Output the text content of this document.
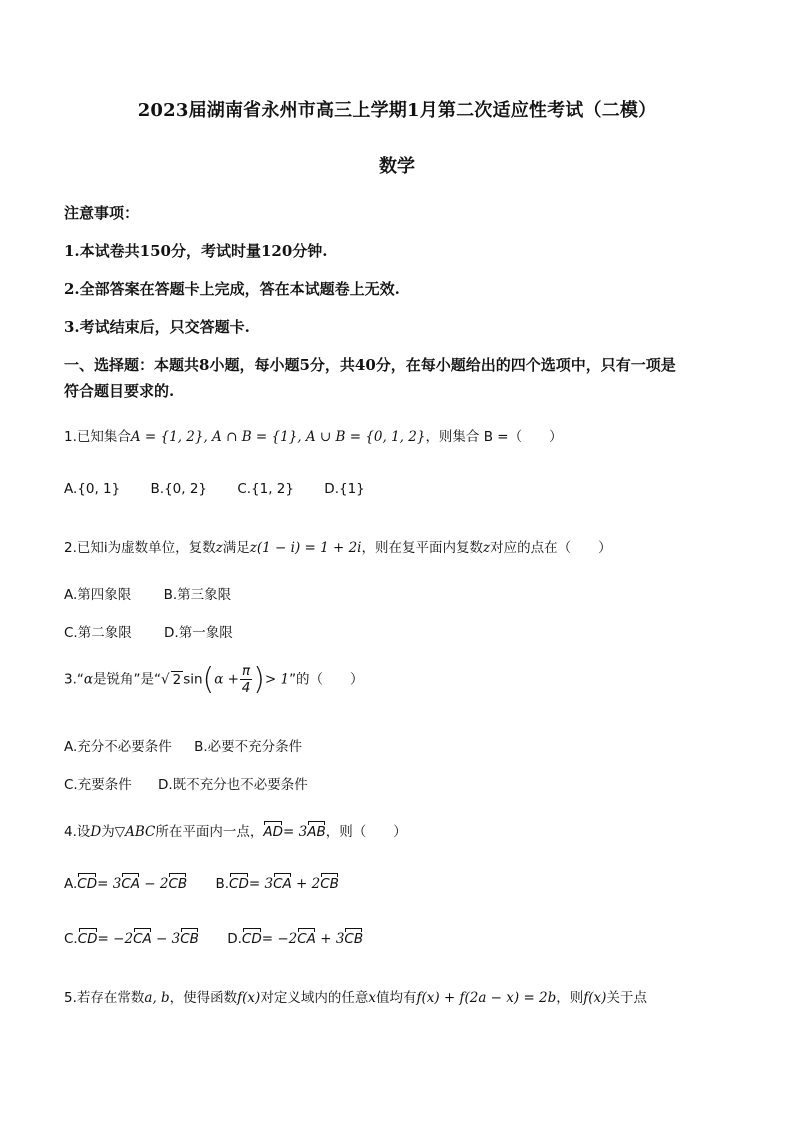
2023届湖南省永州市高三上学期1月第二次适应性考试（二模）
数学
注意事项：
1.本试卷共150分，考试时量120分钟.
2.全部答案在答题卡上完成，答在本试题卷上无效.
3.考试结束后，只交答题卡.
一、选择题：本题共8小题，每小题5分，共40分，在每小题给出的四个选项中，只有一项是
符合题目要求的.
1.已知集合A = {1, 2}, A ∩ B = {1}, A ∪ B = {0, 1, 2}，则集合 B =（　　）
A.{0, 1} B.{0, 2} C.{1, 2} D.{1}
2.已知i为虚数单位，复数z满足z(1 − i) = 1 + 2i，则在复平面内复数z对应的点在（　　）
A.第四象限 B.第三象限
C.第二象限 D.第一象限
3.“α是锐角”是“√ 2 $\sin(\alpha + \frac{\pi}{4}$ )> 1”的（　　）
A.充分不必要条件 B.必要不充分条件
C.充要条件 D.既不充分也不必要条件
4.设D为▽ABC所在平面内一点，AD= 3AB，则（　　）
A.CD= 3CA − 2CB B.CD= 3CA + 2CB
C.CD= −2CA − 3CB D.CD= −2CA + 3CB
5.若存在常数a, b，使得函数f(x)对定义域内的任意x值均有f(x) + f(2a − x) = 2b，则f(x)关于点
